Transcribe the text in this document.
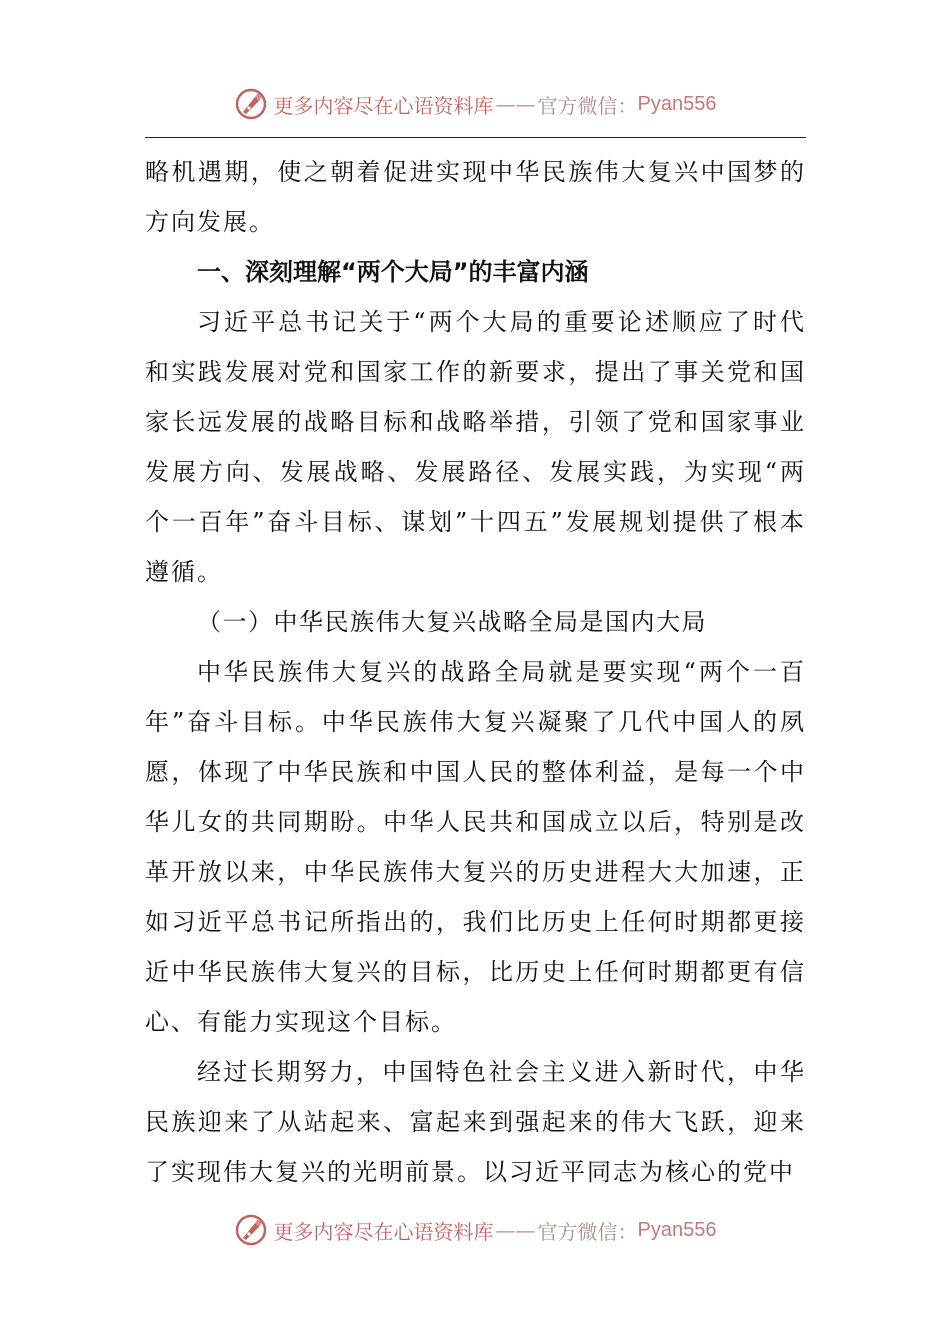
更多内容尽在心语资料库 —— 官方微信： Pyan556

略机遇期，使之朝着促进实现中华民族伟大复兴中国梦的方向发展。

一、深刻理解“两个大局”的丰富内涵

习近平总书记关于“两个大局的重要论述顺应了时代和实践发展对党和国家工作的新要求，提出了事关党和国家长远发展的战略目标和战略举措，引领了党和国家事业发展方向、发展战略、发展路径、发展实践，为实现“两个一百年”奋斗目标、谋划”十四五”发展规划提供了根本遵循。

（一）中华民族伟大复兴战略全局是国内大局

中华民族伟大复兴的战路全局就是要实现“两个一百年”奋斗目标。中华民族伟大复兴凝聚了几代中国人的夙愿，体现了中华民族和中国人民的整体利益，是每一个中华儿女的共同期盼。中华人民共和国成立以后，特别是改革开放以来，中华民族伟大复兴的历史进程大大加速，正如习近平总书记所指出的，我们比历史上任何时期都更接近中华民族伟大复兴的目标，比历史上任何时期都更有信心、有能力实现这个目标。

经过长期努力，中国特色社会主义进入新时代，中华民族迎来了从站起来、富起来到强起来的伟大飞跃，迎来了实现伟大复兴的光明前景。以习近平同志为核心的党中

更多内容尽在心语资料库 —— 官方微信： Pyan556
